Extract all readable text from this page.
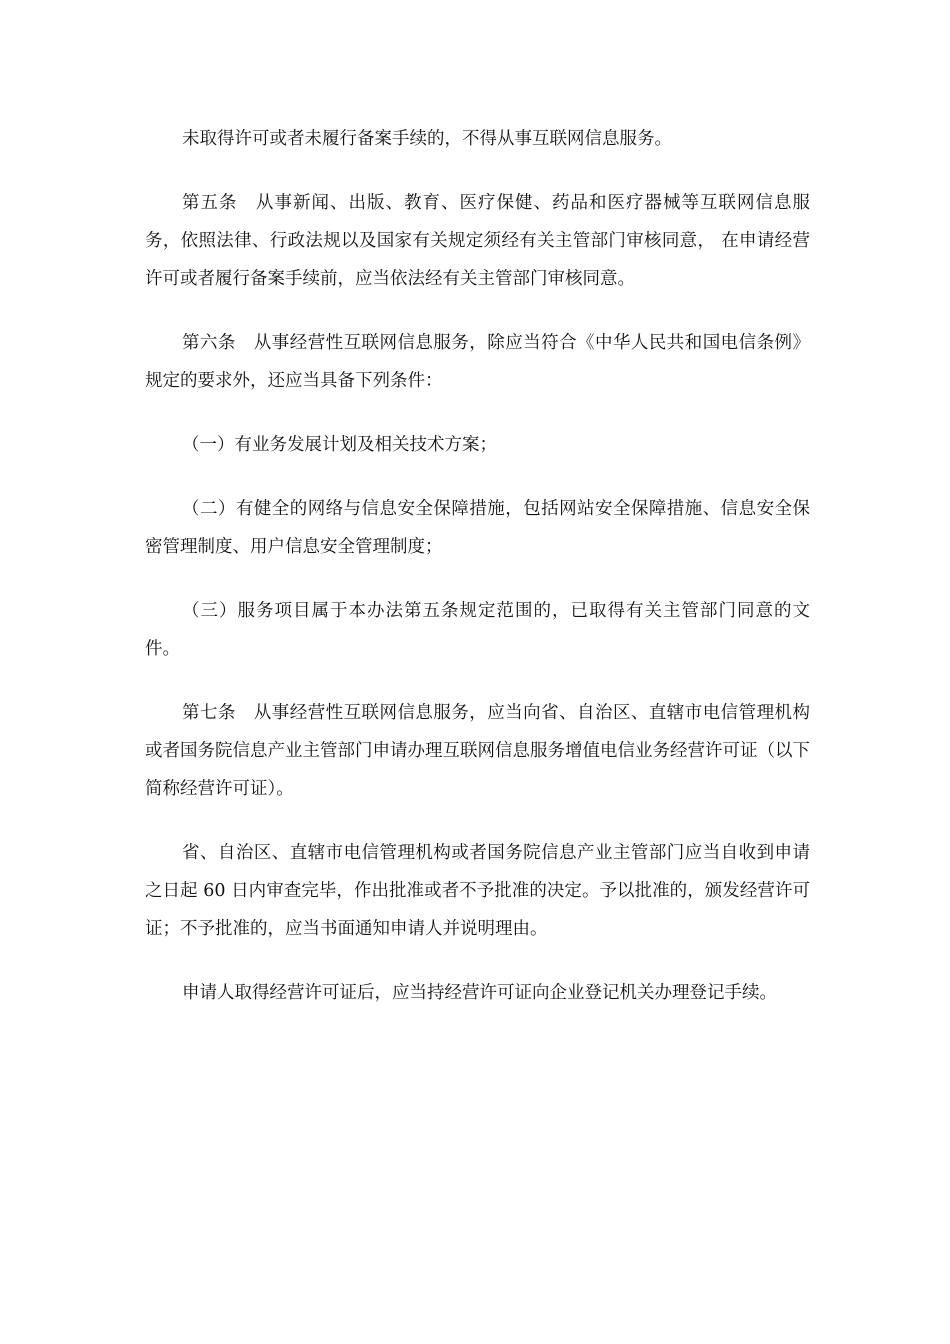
未取得许可或者未履行备案手续的，不得从事互联网信息服务。

第五条　从事新闻、出版、教育、医疗保健、药品和医疗器械等互联网信息服务，依照法律、行政法规以及国家有关规定须经有关主管部门审核同意， 在申请经营许可或者履行备案手续前，应当依法经有关主管部门审核同意。

第六条　从事经营性互联网信息服务，除应当符合《中华人民共和国电信条例》规定的要求外，还应当具备下列条件：

（一）有业务发展计划及相关技术方案；

（二）有健全的网络与信息安全保障措施，包括网站安全保障措施、信息安全保密管理制度、用户信息安全管理制度；

（三）服务项目属于本办法第五条规定范围的，已取得有关主管部门同意的文件。

第七条　从事经营性互联网信息服务，应当向省、自治区、直辖市电信管理机构或者国务院信息产业主管部门申请办理互联网信息服务增值电信业务经营许可证（以下简称经营许可证）。

省、自治区、直辖市电信管理机构或者国务院信息产业主管部门应当自收到申请之日起 60 日内审查完毕，作出批准或者不予批准的决定。予以批准的，颁发经营许可证；不予批准的，应当书面通知申请人并说明理由。

申请人取得经营许可证后，应当持经营许可证向企业登记机关办理登记手续。
